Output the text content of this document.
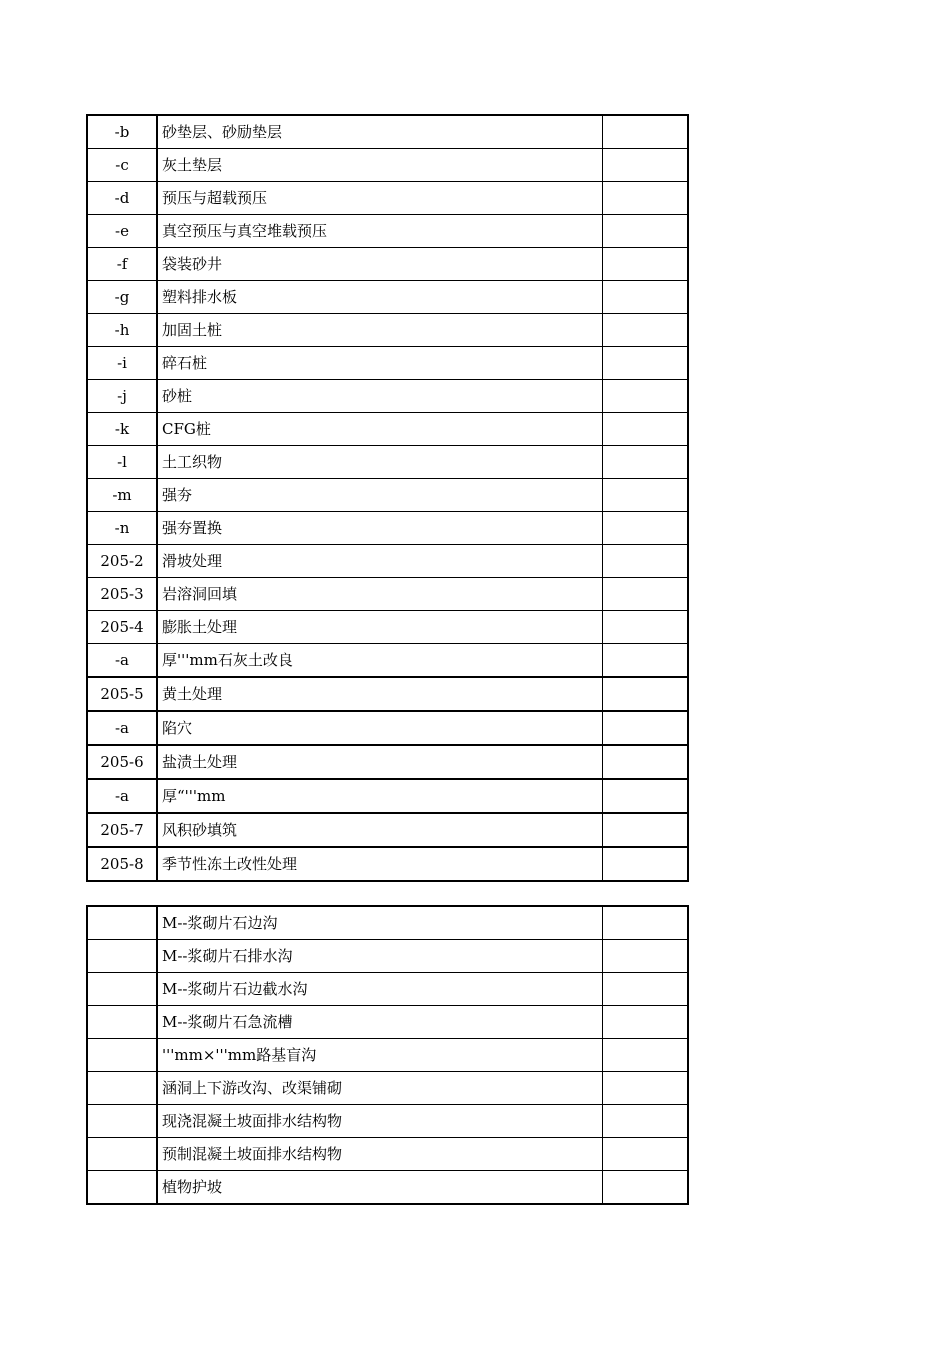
-b	砂垫层、砂励垫层	
-c	灰土垫层	
-d	预压与超载预压	
-e	真空预压与真空堆载预压	
-f	袋装砂井	
-g	塑料排水板	
-h	加固土桩	
-i	碎石桩	
-j	砂桩	
-k	CFG桩	
-l	土工织物	
-m	强夯	
-n	强夯置换	
205-2	滑坡处理	
205-3	岩溶洞回填	
205-4	膨胀土处理	
-a	厚'''mm石灰土改良	
205-5	黄土处理	
-a	陷穴	
205-6	盐渍土处理	
-a	厚“'''mm	
205-7	风积砂填筑	
205-8	季节性冻土改性处理	
	M--浆砌片石边沟	
	M--浆砌片石排水沟	
	M--浆砌片石边截水沟	
	M--浆砌片石急流槽	
	'''mm×'''mm路基盲沟	
	涵洞上下游改沟、改渠铺砌	
	现浇混凝土坡面排水结构物	
	预制混凝土坡面排水结构物	
	植物护坡	
